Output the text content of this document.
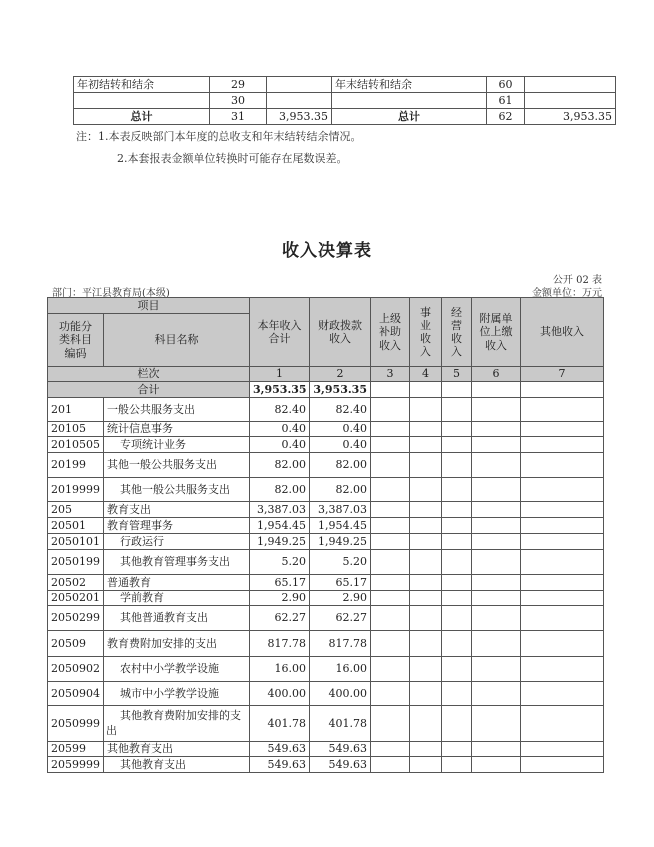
年初结转和结余	29		年末结转和结余	60	
	30			61	
总计	31	3,953.35	总计	62	3,953.35
注：1.本表反映部门本年度的总收支和年末结转结余情况。
2.本套报表金额单位转换时可能存在尾数误差。
收入决算表
公开 02 表
部门：平江县教育局(本级)	金额单位：万元
项目		本年收入合计	财政拨款收入	上级补助收入	事业收入	经营收入	附属单位上缴收入	其他收入
功能分类科目编码	科目名称							
栏次		1	2	3	4	5	6	7
合计		3,953.35	3,953.35					
201	一般公共服务支出	82.40	82.40					
20105	统计信息事务	0.40	0.40					
2010505	专项统计业务	0.40	0.40					
20199	其他一般公共服务支出	82.00	82.00					
2019999	其他一般公共服务支出	82.00	82.00					
205	教育支出	3,387.03	3,387.03					
20501	教育管理事务	1,954.45	1,954.45					
2050101	行政运行	1,949.25	1,949.25					
2050199	其他教育管理事务支出	5.20	5.20					
20502	普通教育	65.17	65.17					
2050201	学前教育	2.90	2.90					
2050299	其他普通教育支出	62.27	62.27					
20509	教育费附加安排的支出	817.78	817.78					
2050902	农村中小学教学设施	16.00	16.00					
2050904	城市中小学教学设施	400.00	400.00					
2050999	其他教育费附加安排的支出	401.78	401.78					
20599	其他教育支出	549.63	549.63					
2059999	其他教育支出	549.63	549.63					
